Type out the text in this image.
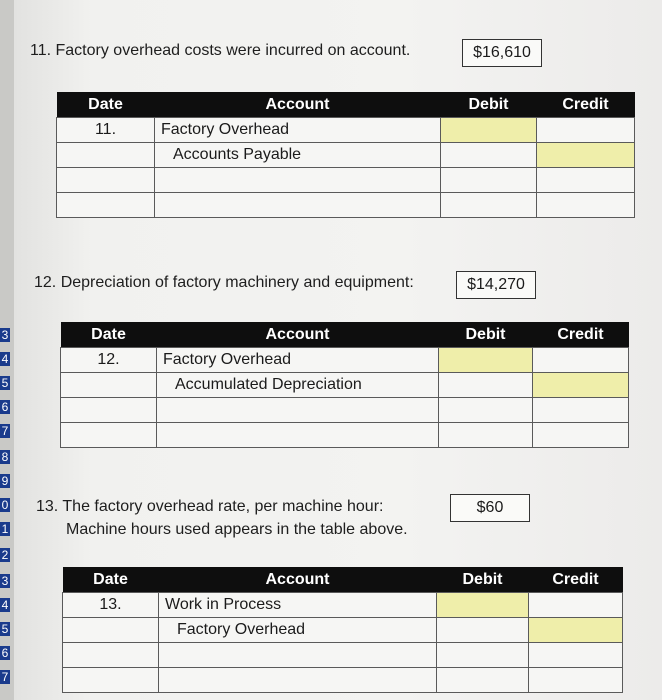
3
4
5
6
7
8
9
0
1
2
3
4
5
6
7
11. Factory overhead costs were incurred on account.	$16,610
Date	Account	Debit	Credit
11.	Factory Overhead		
	Accounts Payable		

12. Depreciation of factory machinery and equipment:	$14,270
Date	Account	Debit	Credit
12.	Factory Overhead		
	Accumulated Depreciation		

13. The factory overhead rate, per machine hour:
Machine hours used appears in the table above.
$60
Date	Account	Debit	Credit
13.	Work in Process		
	Factory Overhead		
